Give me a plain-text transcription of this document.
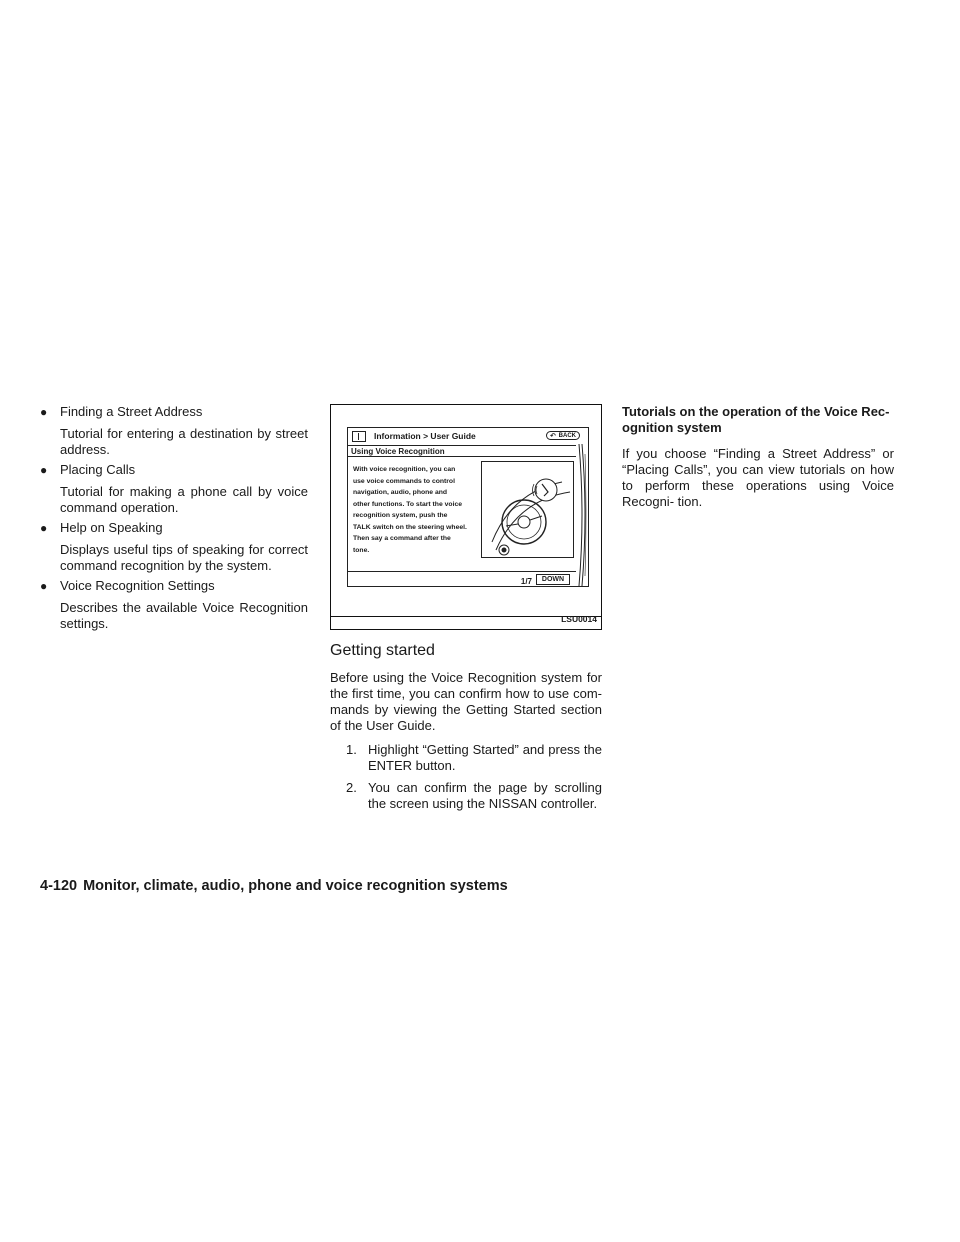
● Finding a Street Address
Tutorial for entering a destination by street address.
● Placing Calls
Tutorial for making a phone call by voice command operation.
● Help on Speaking
Displays useful tips of speaking for correct command recognition by the system.
● Voice Recognition Settings
Describes the available Voice Recognition settings.
Information > User Guide	↶ BACK
Using Voice Recognition
With voice recognition, you can
use voice commands to control
navigation, audio, phone and
other functions. To start the voice
recognition system, push the
TALK switch on the steering wheel.
Then say a command after the
tone.
1/7	DOWN
LSU0014
Getting started

Before using the Voice Recognition system for the first time, you can confirm how to use com- mands by viewing the Getting Started section of the User Guide.

1. Highlight “Getting Started” and press the ENTER button.
2. You can confirm the page by scrolling the screen using the NISSAN controller.
Tutorials on the operation of the Voice Rec- ognition system

If you choose “Finding a Street Address” or “Placing Calls”, you can view tutorials on how to perform these operations using Voice Recogni- tion.

4-120 Monitor, climate, audio, phone and voice recognition systems
